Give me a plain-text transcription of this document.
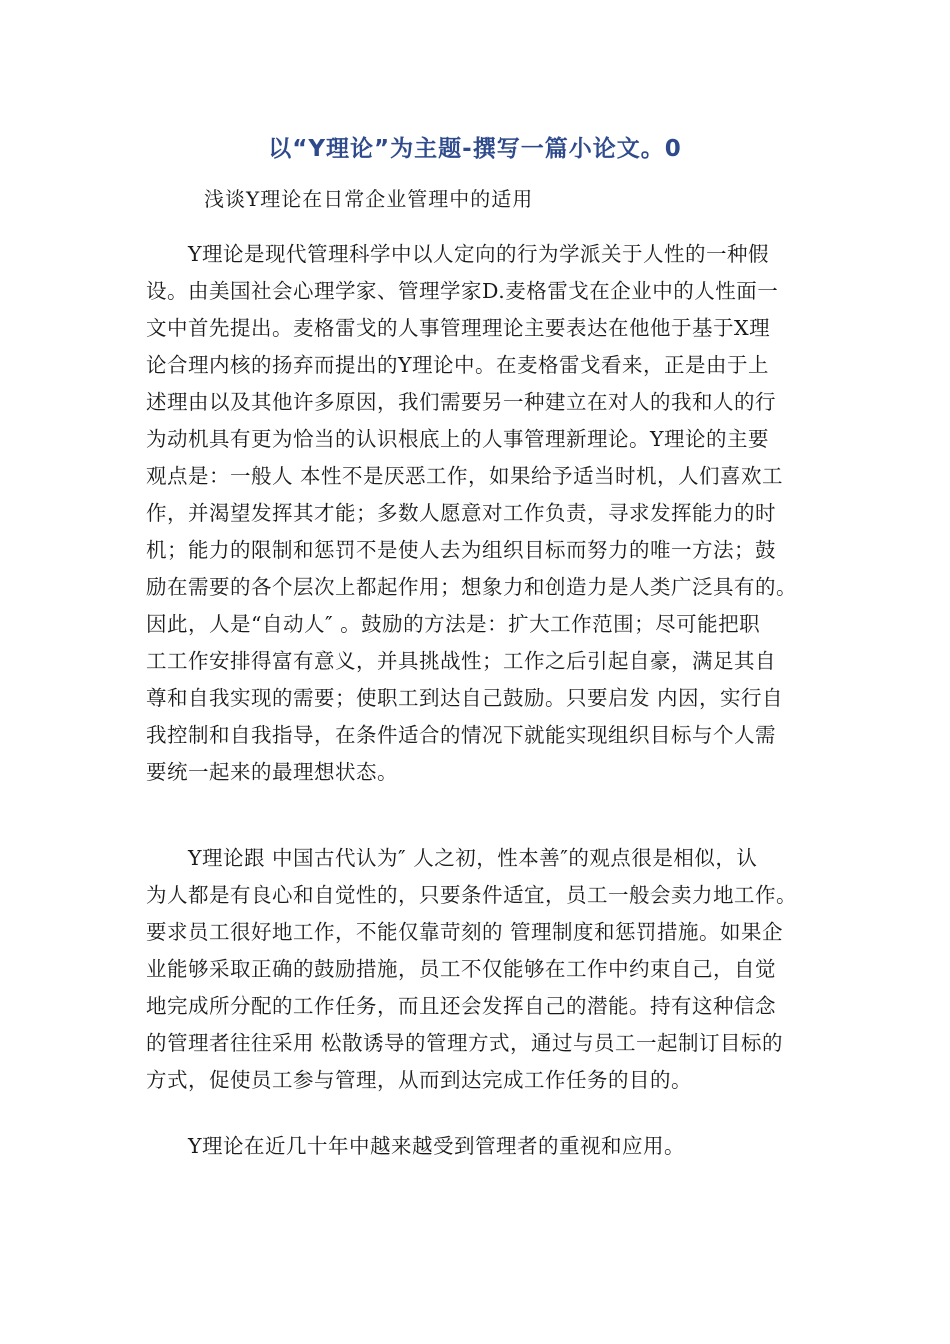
以“Y理论”为主题-撰写一篇小论文。0
浅谈Y理论在日常企业管理中的适用
　　Y理论是现代管理科学中以人定向的行为学派关于人性的一种假
设。由美国社会心理学家、管理学家D.麦格雷戈在企业中的人性面一
文中首先提出。麦格雷戈的人事管理理论主要表达在他他于基于X理
论合理内核的扬弃而提出的Y理论中。在麦格雷戈看来，正是由于上
述理由以及其他许多原因，我们需要另一种建立在对人的我和人的行
为动机具有更为恰当的认识根底上的人事管理新理论。Y理论的主要
观点是：一般人 本性不是厌恶工作，如果给予适当时机，人们喜欢工
作，并渴望发挥其才能；多数人愿意对工作负责，寻求发挥能力的时
机；能力的限制和惩罚不是使人去为组织目标而努力的唯一方法；鼓
励在需要的各个层次上都起作用；想象力和创造力是人类广泛具有的。
因此，人是“自动人″ 。鼓励的方法是：扩大工作范围；尽可能把职
工工作安排得富有意义，并具挑战性；工作之后引起自豪，满足其自
尊和自我实现的需要；使职工到达自己鼓励。只要启发 内因，实行自
我控制和自我指导，在条件适合的情况下就能实现组织目标与个人需
要统一起来的最理想状态。
　　Y理论跟 中国古代认为″ 人之初，性本善″的观点很是相似，认
为人都是有良心和自觉性的，只要条件适宜，员工一般会卖力地工作。
要求员工很好地工作，不能仅靠苛刻的 管理制度和惩罚措施。如果企
业能够采取正确的鼓励措施，员工不仅能够在工作中约束自己，自觉
地完成所分配的工作任务，而且还会发挥自己的潜能。持有这种信念
的管理者往往采用 松散诱导的管理方式，通过与员工一起制订目标的
方式，促使员工参与管理，从而到达完成工作任务的目的。
　　Y理论在近几十年中越来越受到管理者的重视和应用。
